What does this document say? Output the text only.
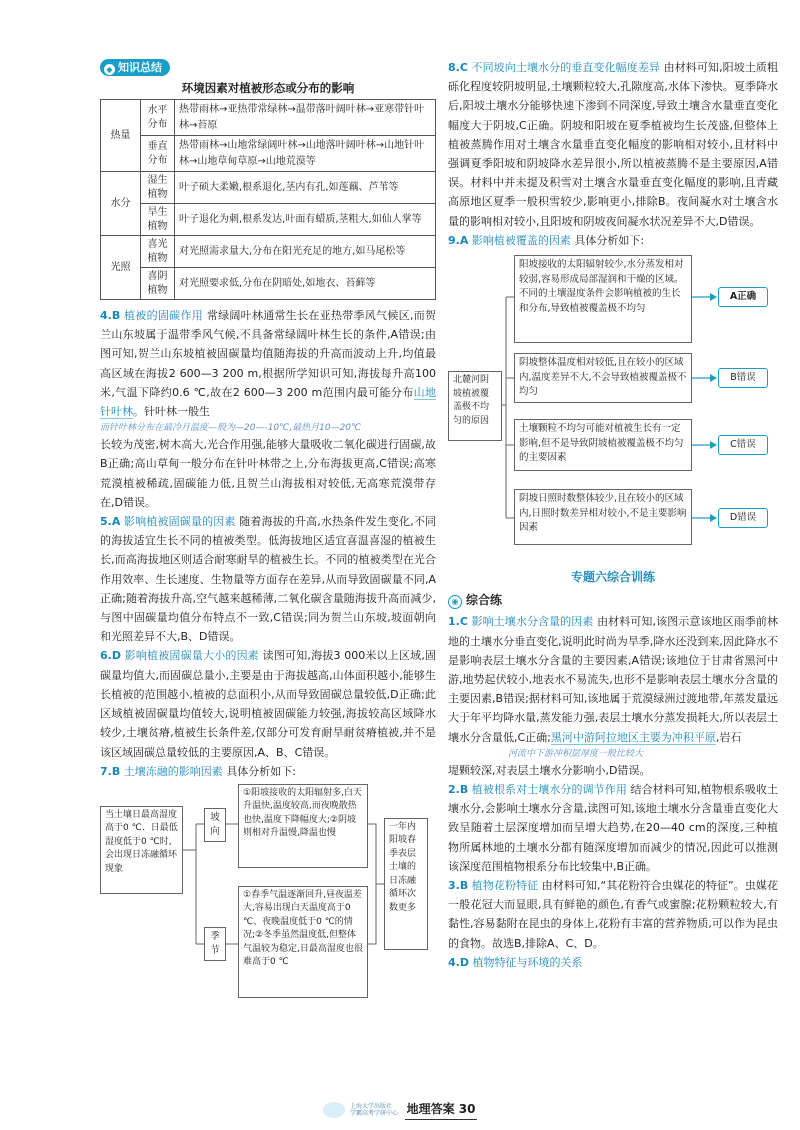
◆ 知识总结
环境因素对植被形态或分布的影响
热量	水平分布	热带雨林→亚热带常绿林→温带落叶阔叶林→亚寒带针叶林→苔原
	垂直分布	热带雨林→山地常绿阔叶林→山地落叶阔叶林→山地针叶林→山地草甸草原→山地荒漠等
水分	湿生植物	叶子硕大柔嫩,根系退化,茎内有孔,如莲藕、芦苇等
	旱生植物	叶子退化为刺,根系发达,叶面有蜡质,茎粗大,如仙人掌等
光照	喜光植物	对光照需求量大,分布在阳光充足的地方,如马尾松等
	喜阴植物	对光照要求低,分布在阴暗处,如地衣、苔藓等
4.B 植被的固碳作用 常绿阔叶林通常生长在亚热带季风气候区,而贺兰山东坡属于温带季风气候,不具备常绿阔叶林生长的条件,A错误;由图可知,贺兰山东坡植被固碳量均值随海拔的升高而波动上升,均值最高区域在海拔2 600—3 200 m,根据所学知识可知,海拔每升高100米,气温下降约0.6 ℃,故在2 600—3 200 m范围内最可能分布山地针叶林。针叶林一般生
而针叶林分布在最冷月温度—般为—20—-10℃,最热月10—20℃
长较为茂密,树木高大,光合作用强,能够大量吸收二氧化碳进行固碳,故B正确;高山草甸一般分布在针叶林带之上,分布海拔更高,C错误;高寒荒漠植被稀疏,固碳能力低,且贺兰山海拔相对较低,无高寒荒漠带存在,D错误。
5.A 影响植被固碳量的因素 随着海拔的升高,水热条件发生变化,不同的海拔适宜生长不同的植被类型。低海拔地区适宜喜温喜湿的植被生长,而高海拔地区则适合耐寒耐旱的植被生长。不同的植被类型在光合作用效率、生长速度、生物量等方面存在差异,从而导致固碳量不同,A正确;随着海拔升高,空气越来越稀薄,二氧化碳含量随海拔升高而减少,与图中固碳量均值分布特点不一致,C错误;同为贺兰山东坡,坡面朝向和光照差异不大,B、D错误。
6.D 影响植被固碳量大小的因素 读图可知,海拔3 000米以上区域,固碳量均值大,而固碳总量小,主要是由于海拔越高,山体面积越小,能够生长植被的范围越小,植被的总面积小,从而导致固碳总量较低,D正确;此区域植被固碳量均值较大,说明植被固碳能力较强,海拔较高区域降水较少,土壤贫瘠,植被生长条件差,仅部分可发育耐旱耐贫瘠植被,并不是该区域固碳总量较低的主要原因,A、B、C错误。
7.B 土壤冻融的影响因素 具体分析如下:
当土壤日最高湿度高于0 ℃、日最低湿度低于0 ℃时,会出现日冻融循环现象
坡向
季节
①阳坡接收的太阳辐射多,白天升温快,温度较高,而夜晚散热也快,温度下降幅度大;②阴坡则相对升温慢,降温也慢
①春季气温逐渐回升,昼夜温差大,容易出现白天温度高于0 ℃、夜晚温度低于0 ℃的情况;②冬季虽然温度低,但整体气温较为稳定,日最高湿度也很难高于0 ℃
一年内阳坡春季表层土壤的日冻融循环次数更多
8.C 不同坡向土壤水分的垂直变化幅度差异 由材料可知,阳坡土质粗砾化程度较阴坡明显,土壤颗粒较大,孔隙度高,水体下渗快。夏季降水后,阳坡土壤水分能够快速下渗到不同深度,导致土壤含水量垂直变化幅度大于阴坡,C正确。阴坡和阳坡在夏季植被均生长茂盛,但整体上植被蒸腾作用对土壤含水量垂直变化幅度的影响相对较小,且材料中强调夏季阳坡和阴坡降水差异很小,所以植被蒸腾不是主要原因,A错误。材料中并未提及积雪对土壤含水量垂直变化幅度的影响,且青藏高原地区夏季一般积雪较少,影响更小,排除B。夜间凝水对土壤含水量的影响相对较小,且阳坡和阴坡夜间凝水状况差异不大,D错误。
9.A 影响植被覆盖的因素 具体分析如下:
北麓河阴坡植被覆盖极不均匀的原因
阳坡接收的太阳辐射较少,水分蒸发相对较弱,容易形成局部湿润和干燥的区域。不同的土壤湿度条件会影响植被的生长和分布,导致植被覆盖极不均匀
A正确
阴坡整体温度相对较低,且在较小的区域内,温度差异不大,不会导致植被覆盖极不均匀
B错误
土壤颗粒不均匀可能对植被生长有一定影响,但不是导致阴坡植被覆盖极不均匀的主要因素
C错误
阴坡日照时数整体较少,且在较小的区域内,日照时数差异相对较小,不是主要影响因素
D错误
专题六综合训练
◉ 综合练
1.C 影响土壤水分含量的因素 由材料可知,该图示意该地区雨季前林地的土壤水分垂直变化,说明此时尚为旱季,降水还没到来,因此降水不是影响表层土壤水分含量的主要因素,A错误;该地位于甘肃省黑河中游,地势起伏较小,地表水不易流失,也形不是影响表层土壤水分含量的主要因素,B错误;据材料可知,该地属于荒漠绿洲过渡地带,年蒸发量远大于年平均降水量,蒸发能力强,表层土壤水分蒸发损耗大,所以表层土壤水分含量低,C正确;黑河中游阿拉地区主要为冲积平原,岩石
河流中下游冲积层厚度一般比较大
堤颗较深,对表层土壤水分影响小,D错误。
2.B 植被根系对土壤水分的调节作用 结合材料可知,植物根系吸收土壤水分,会影响土壤水分含量,读图可知,该地土壤水分含量垂直变化大致呈随着土层深度增加而呈增大趋势,在20—40 cm的深度,三种植物所属林地的土壤水分都有随深度增加而减少的情况,因此可以推测该深度范围植物根系分布比较集中,B正确。
3.B 植物花粉特征 由材料可知,“其花粉符合虫媒花的特征”。虫媒花一般花冠大而显眼,具有鲜艳的颜色,有香气或蜜腺;花粉颗粒较大,有黏性,容易黏附在昆虫的身体上,花粉有丰富的营养物质,可以作为昆虫的食物。故选B,排除A、C、D。
4.D 植物特征与环境的关系
上海大学出版社
学霸高考学研中心 地理答案 30
